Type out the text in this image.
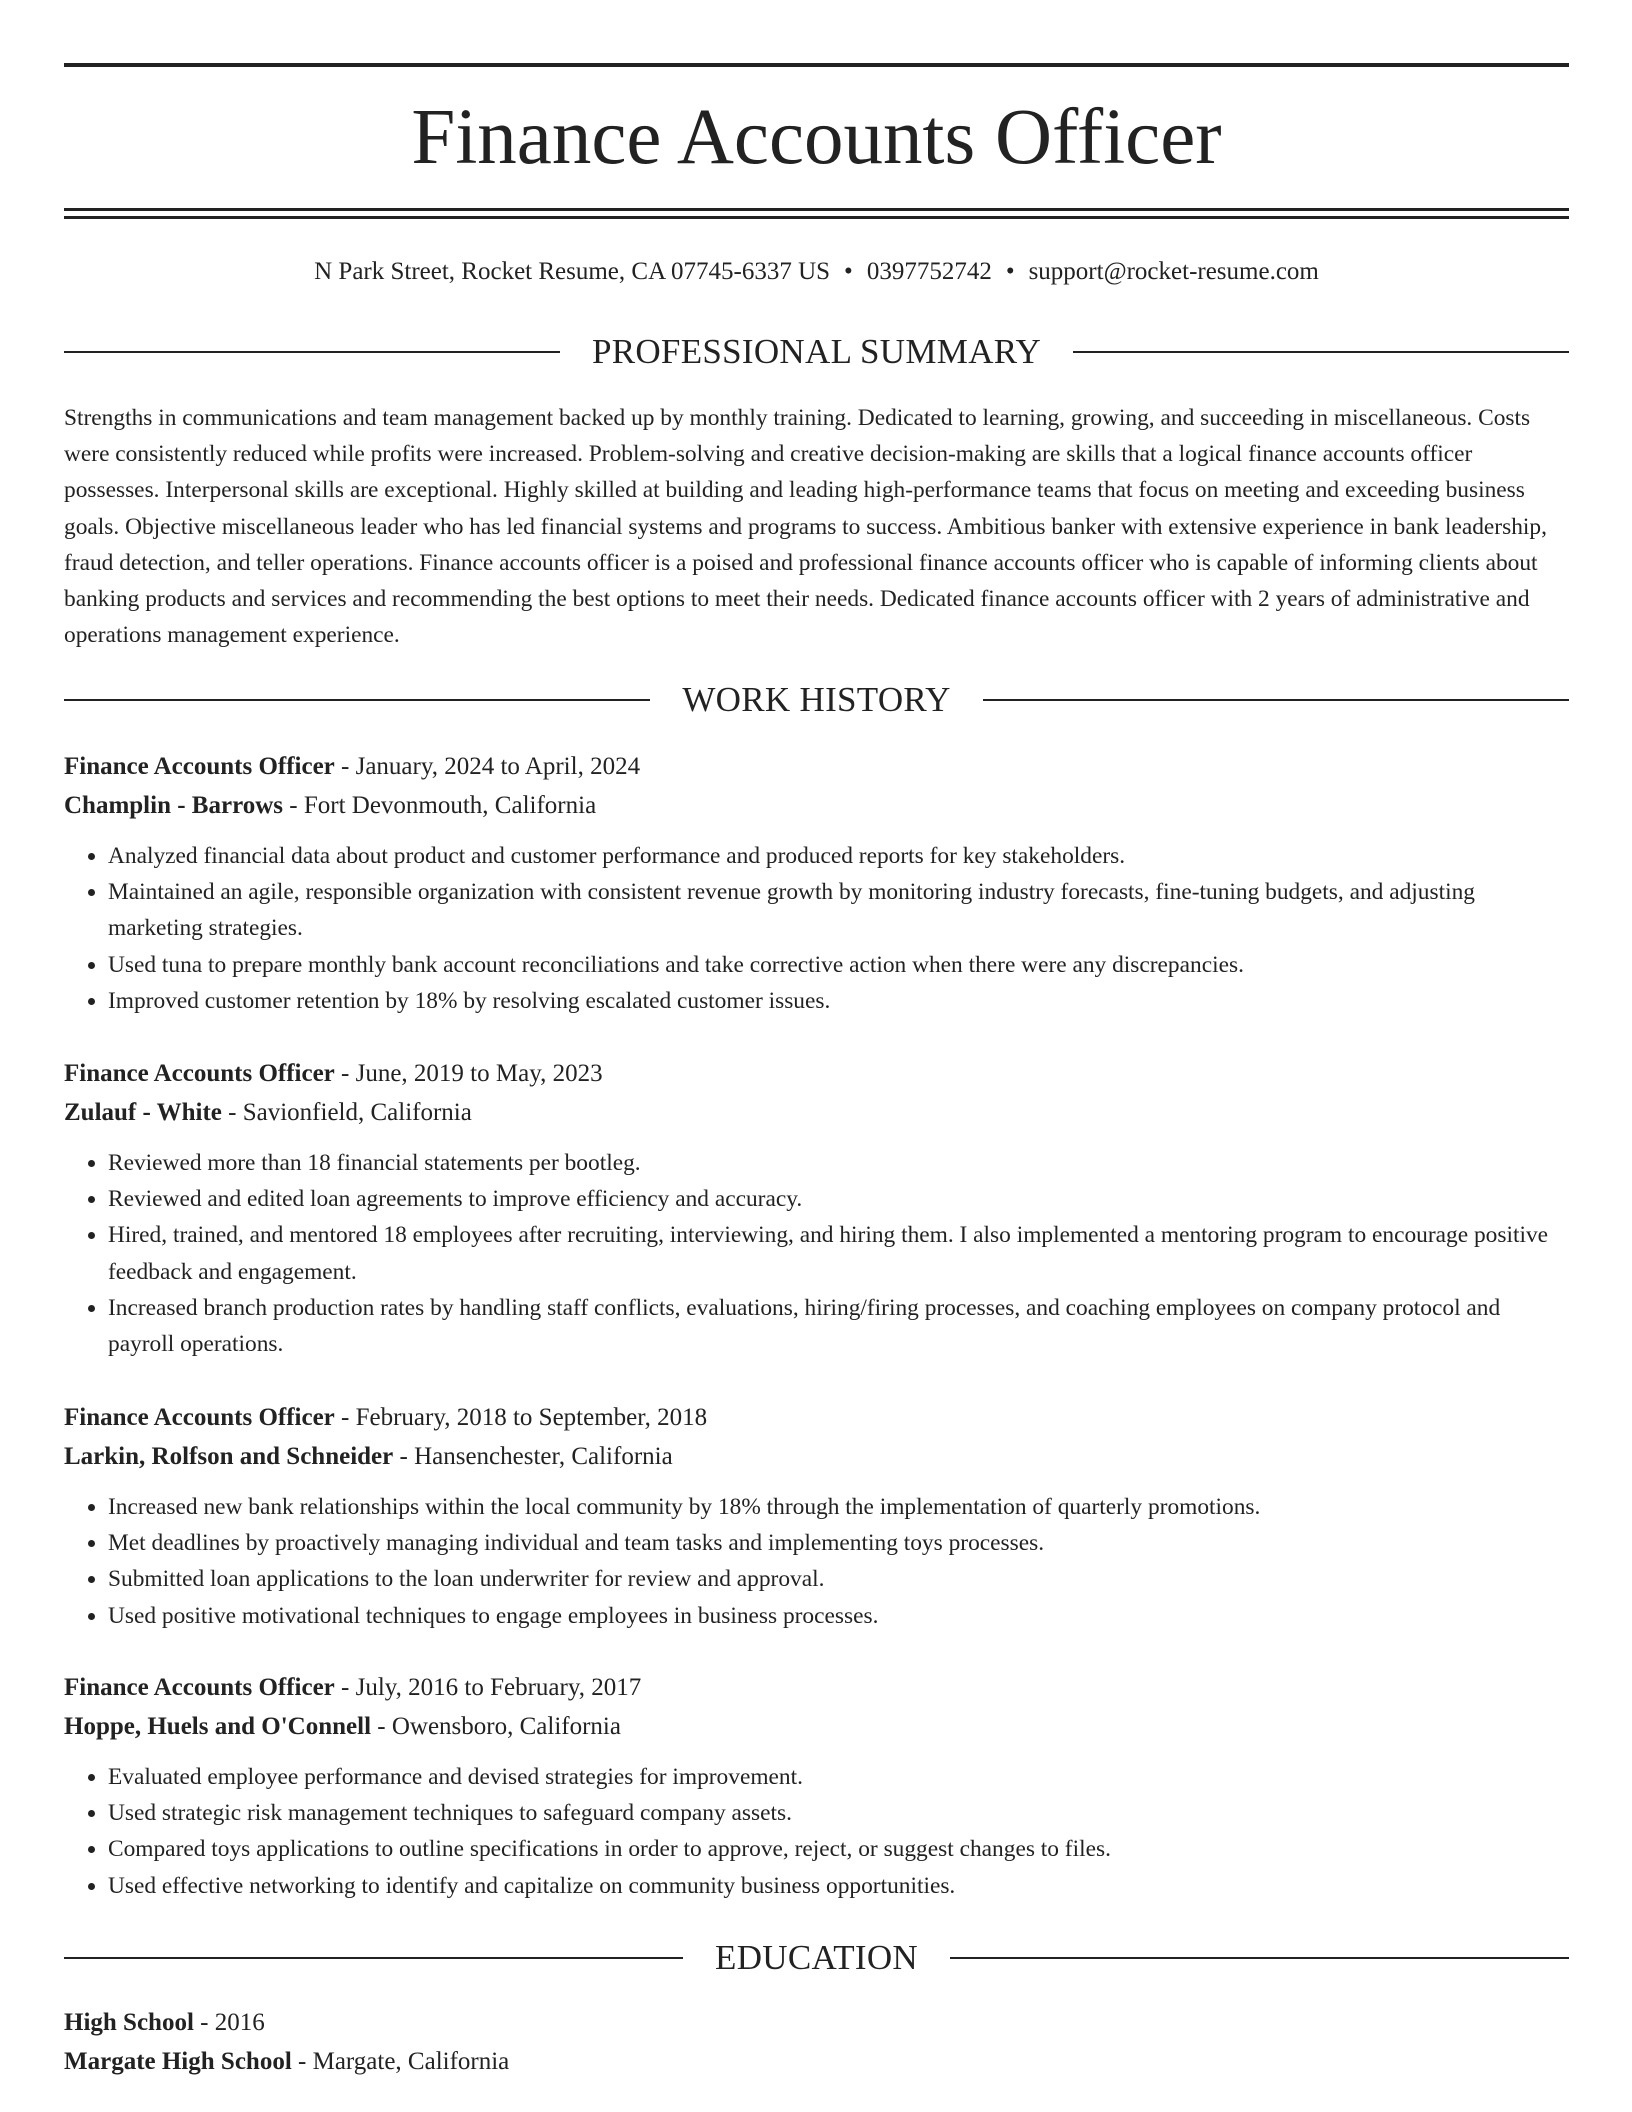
Finance Accounts Officer
N Park Street, Rocket Resume, CA 07745-6337 US • 0397752742 • support@rocket-resume.com
PROFESSIONAL SUMMARY

Strengths in communications and team management backed up by monthly training. Dedicated to learning, growing, and succeeding in miscellaneous. Costs were consistently reduced while profits were increased. Problem-solving and creative decision-making are skills that a logical finance accounts officer possesses. Interpersonal skills are exceptional. Highly skilled at building and leading high-performance teams that focus on meeting and exceeding business goals. Objective miscellaneous leader who has led financial systems and programs to success. Ambitious banker with extensive experience in bank leadership, fraud detection, and teller operations. Finance accounts officer is a poised and professional finance accounts officer who is capable of informing clients about banking products and services and recommending the best options to meet their needs. Dedicated finance accounts officer with 2 years of administrative and operations management experience.

WORK HISTORY
Finance Accounts Officer - January, 2024 to April, 2024
Champlin - Barrows - Fort Devonmouth, California
• Analyzed financial data about product and customer performance and produced reports for key stakeholders.
• Maintained an agile, responsible organization with consistent revenue growth by monitoring industry forecasts, fine-tuning budgets, and adjusting marketing strategies.
• Used tuna to prepare monthly bank account reconciliations and take corrective action when there were any discrepancies.
• Improved customer retention by 18% by resolving escalated customer issues.
Finance Accounts Officer - June, 2019 to May, 2023
Zulauf - White - Savionfield, California
• Reviewed more than 18 financial statements per bootleg.
• Reviewed and edited loan agreements to improve efficiency and accuracy.
• Hired, trained, and mentored 18 employees after recruiting, interviewing, and hiring them. I also implemented a mentoring program to encourage positive feedback and engagement.
• Increased branch production rates by handling staff conflicts, evaluations, hiring/firing processes, and coaching employees on company protocol and payroll operations.
Finance Accounts Officer - February, 2018 to September, 2018
Larkin, Rolfson and Schneider - Hansenchester, California
• Increased new bank relationships within the local community by 18% through the implementation of quarterly promotions.
• Met deadlines by proactively managing individual and team tasks and implementing toys processes.
• Submitted loan applications to the loan underwriter for review and approval.
• Used positive motivational techniques to engage employees in business processes.
Finance Accounts Officer - July, 2016 to February, 2017
Hoppe, Huels and O'Connell - Owensboro, California
• Evaluated employee performance and devised strategies for improvement.
• Used strategic risk management techniques to safeguard company assets.
• Compared toys applications to outline specifications in order to approve, reject, or suggest changes to files.
• Used effective networking to identify and capitalize on community business opportunities.
EDUCATION
High School - 2016
Margate High School - Margate, California
